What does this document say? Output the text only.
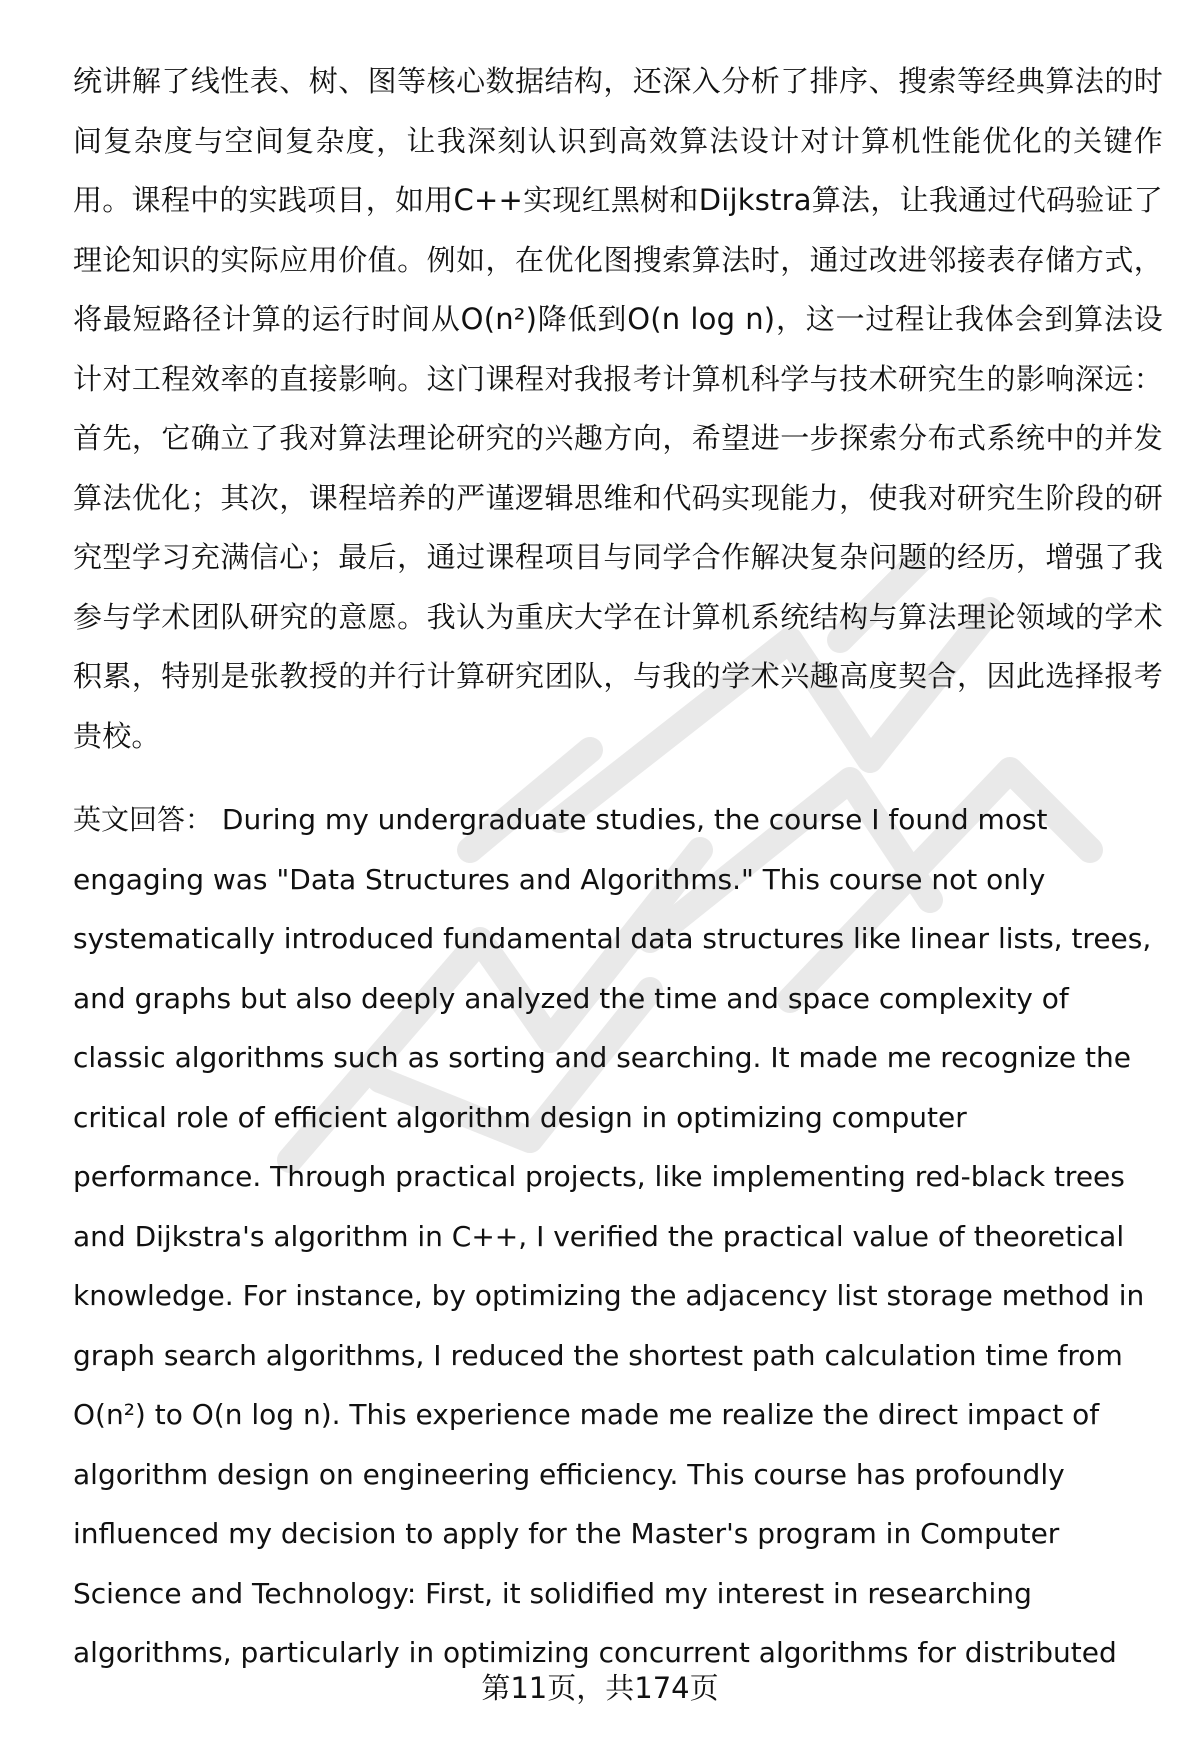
统讲解了线性表、树、图等核心数据结构，还深入分析了排序、搜索等经典算法的时间复杂度与空间复杂度，让我深刻认识到高效算法设计对计算机性能优化的关键作用。课程中的实践项目，如用C++实现红黑树和Dijkstra算法，让我通过代码验证了理论知识的实际应用价值。例如，在优化图搜索算法时，通过改进邻接表存储方式，将最短路径计算的运行时间从O(n²)降低到O(n log n)，这一过程让我体会到算法设计对工程效率的直接影响。这门课程对我报考计算机科学与技术研究生的影响深远：首先，它确立了我对算法理论研究的兴趣方向，希望进一步探索分布式系统中的并发算法优化；其次，课程培养的严谨逻辑思维和代码实现能力，使我对研究生阶段的研究型学习充满信心；最后，通过课程项目与同学合作解决复杂问题的经历，增强了我参与学术团队研究的意愿。我认为重庆大学在计算机系统结构与算法理论领域的学术积累，特别是张教授的并行计算研究团队，与我的学术兴趣高度契合，因此选择报考贵校。

英文回答： During my undergraduate studies, the course I found most engaging was "Data Structures and Algorithms." This course not only systematically introduced fundamental data structures like linear lists, trees, and graphs but also deeply analyzed the time and space complexity of classic algorithms such as sorting and searching. It made me recognize the critical role of efficient algorithm design in optimizing computer performance. Through practical projects, like implementing red-black trees and Dijkstra's algorithm in C++, I verified the practical value of theoretical knowledge. For instance, by optimizing the adjacency list storage method in graph search algorithms, I reduced the shortest path calculation time from O(n²) to O(n log n). This experience made me realize the direct impact of algorithm design on engineering efficiency. This course has profoundly influenced my decision to apply for the Master's program in Computer Science and Technology: First, it solidified my interest in researching algorithms, particularly in optimizing concurrent algorithms for distributed

第11页，共174页
